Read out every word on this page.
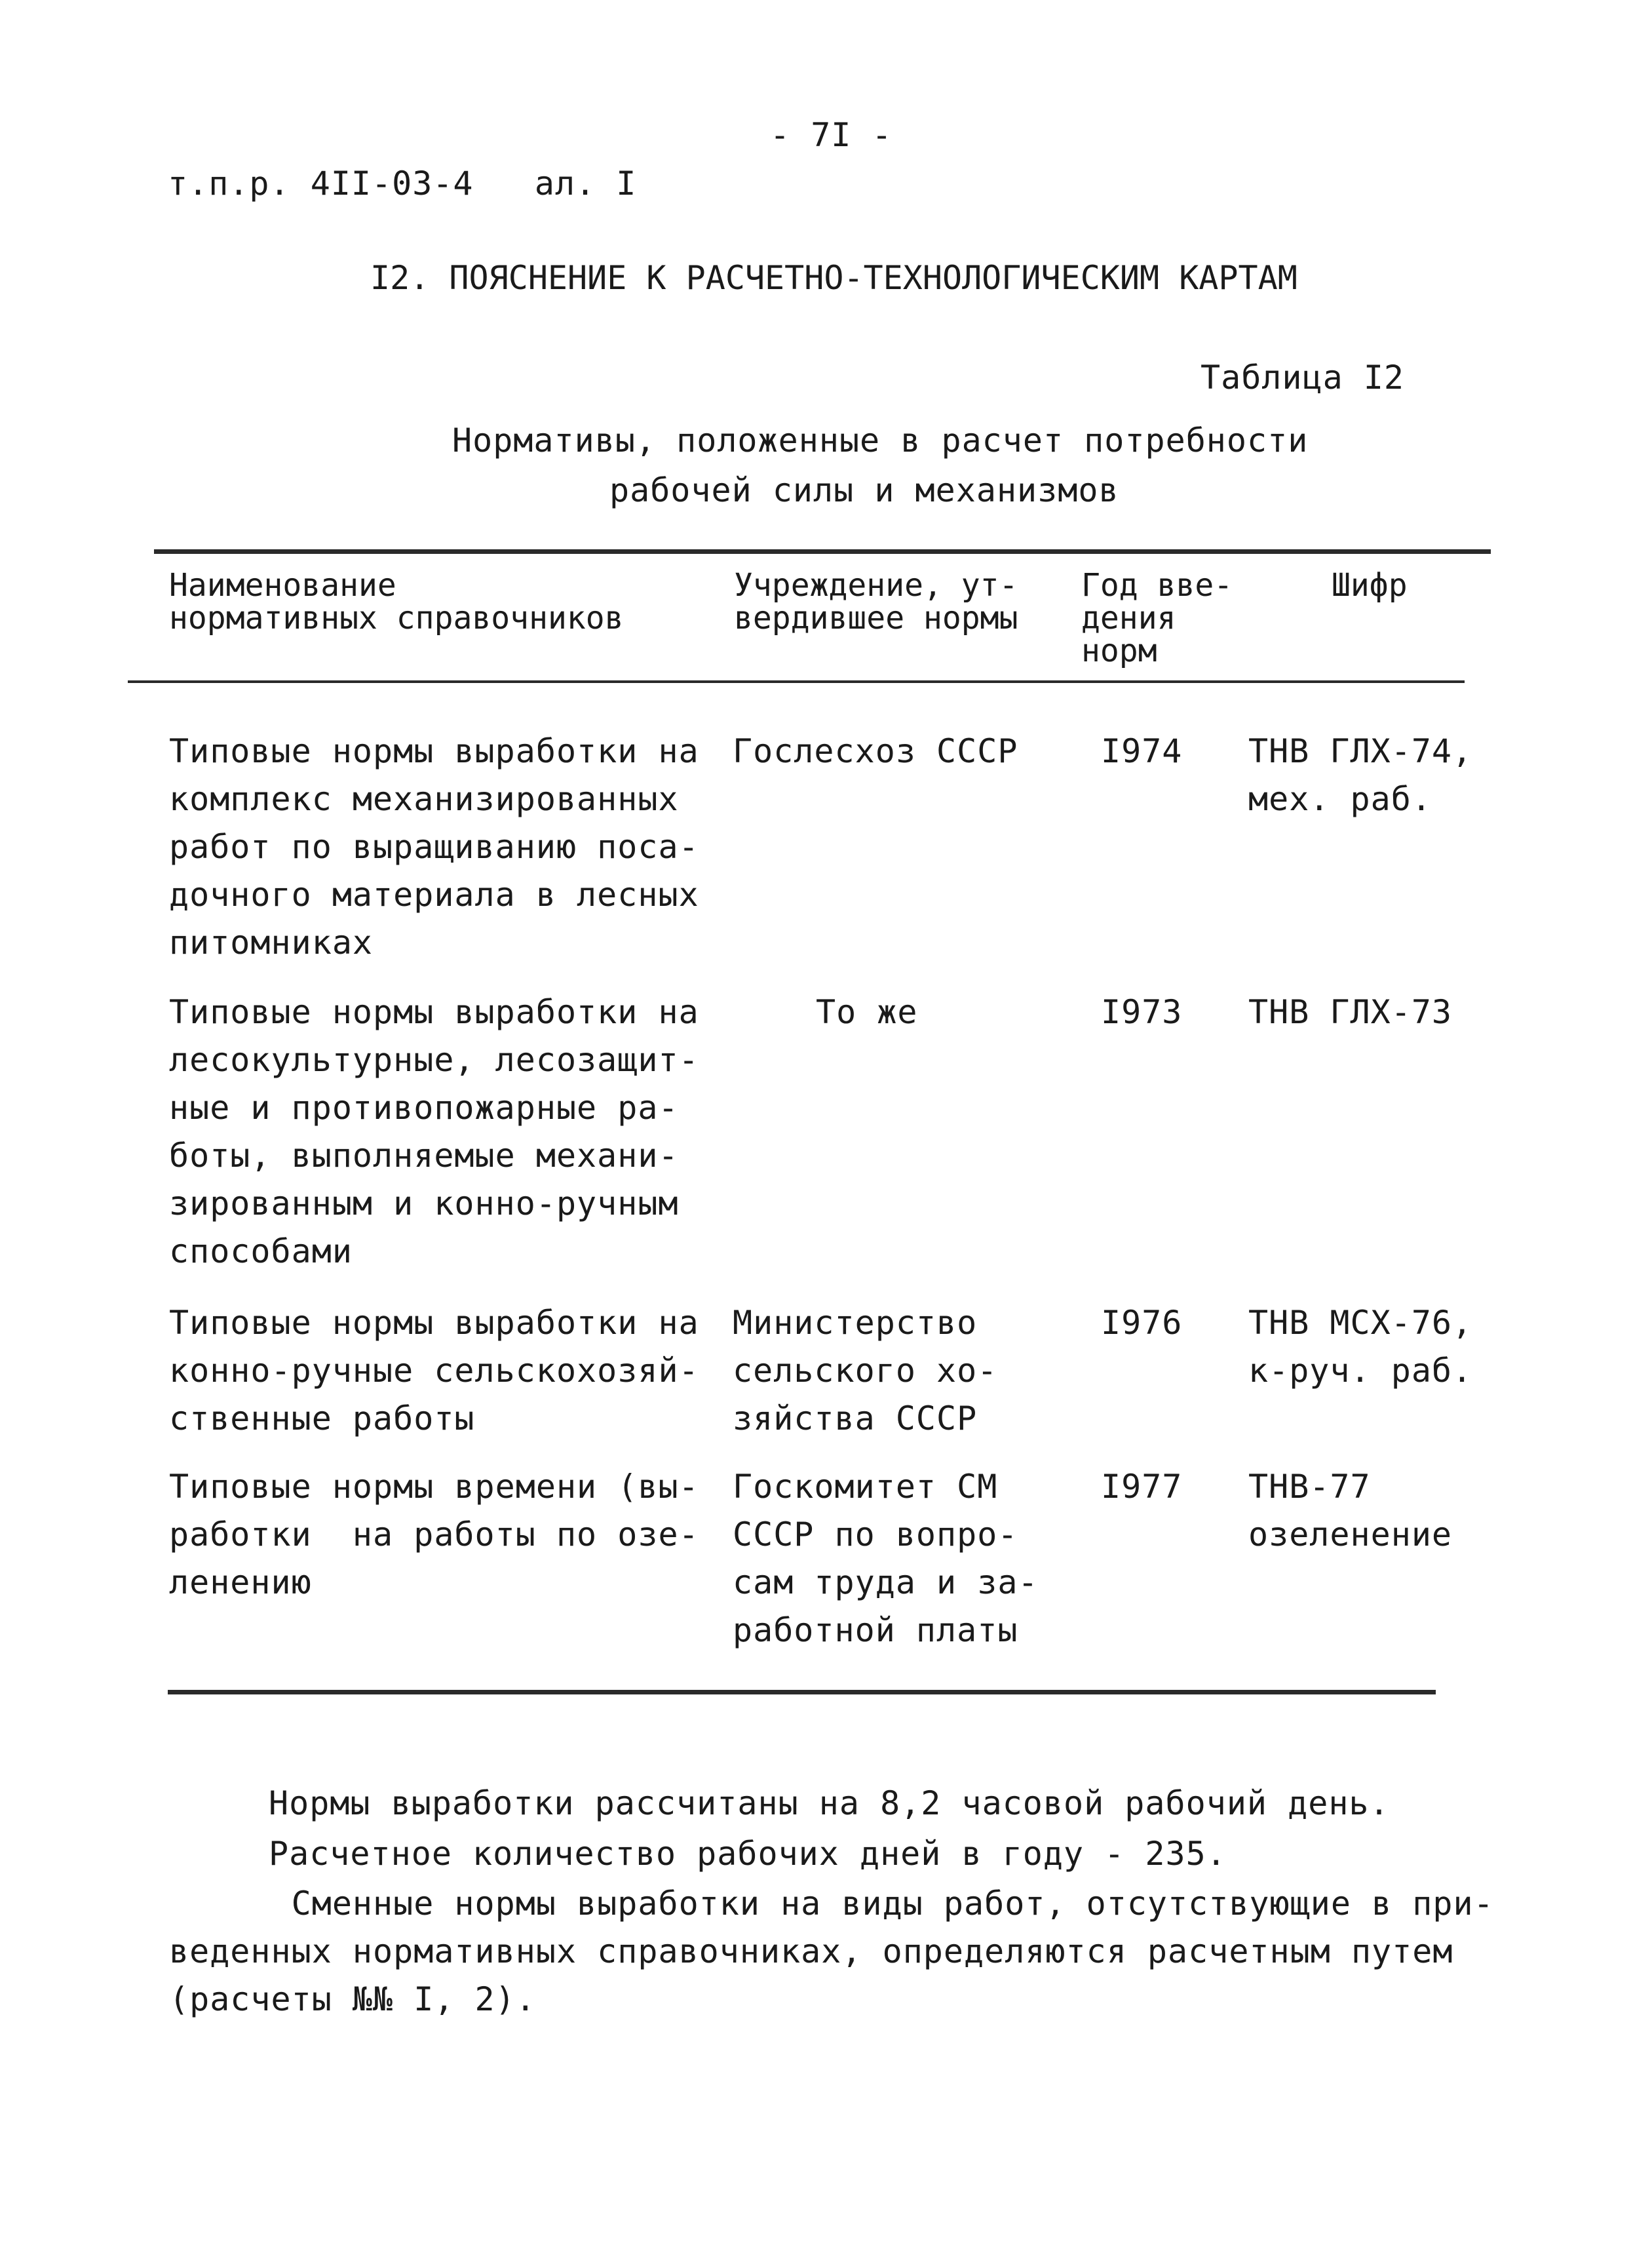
- 7I -
т.п.р. 4II-03-4   ал. I
I2. ПОЯСНЕНИЕ К РАСЧЕТНО-ТЕХНОЛОГИЧЕСКИМ КАРТАМ
Таблица I2
Нормативы, положенные в расчет потребности
рабочей силы и механизмов
Наименование
нормативных справочников
Учреждение, ут-
вердившее нормы
Год вве-
дения
норм
Шифр
Типовые нормы выработки на
комплекс механизированных
работ по выращиванию поса-
дочного материала в лесных
питомниках
Гослесхоз СССР	I974 ТНВ ГЛХ-74,
мех. раб.
Типовые нормы выработки на
лесокультурные, лесозащит-
ные и противопожарные ра-
боты, выполняемые механи-
зированным и конно-ручным
способами
То же	I973 ТНВ ГЛХ-73
Типовые нормы выработки на
конно-ручные сельскохозяй-
ственные работы
Министерство
сельского хо-
зяйства СССР
I976 ТНВ МСХ-76,
к-руч. раб.
Типовые нормы времени (вы-
работки  на работы по озе-
ленению
Госкомитет СМ
СССР по вопро-
сам труда и за-
работной платы
I977 ТНВ-77
озеленение
Нормы выработки рассчитаны на 8,2 часовой рабочий день.
Расчетное количество рабочих дней в году - 235.
Сменные нормы выработки на виды работ, отсутствующие в при-
веденных нормативных справочниках, определяются расчетным путем
(расчеты №№ I, 2).
